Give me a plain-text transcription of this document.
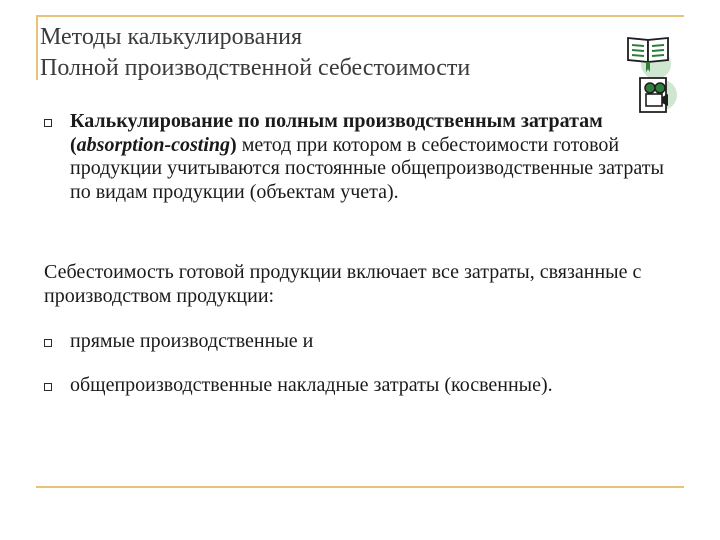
Методы калькулирования
Полной производственной себестоимости
Калькулирование по полным производственным затратам (absorption-costing) метод при котором в себестоимости готовой продукции учитываются постоянные общепроизводственные затраты по видам продукции (объектам учета).
Себестоимость готовой продукции включает все затраты, связанные с производством продукции:
прямые производственные и
общепроизводственные накладные затраты (косвенные).
